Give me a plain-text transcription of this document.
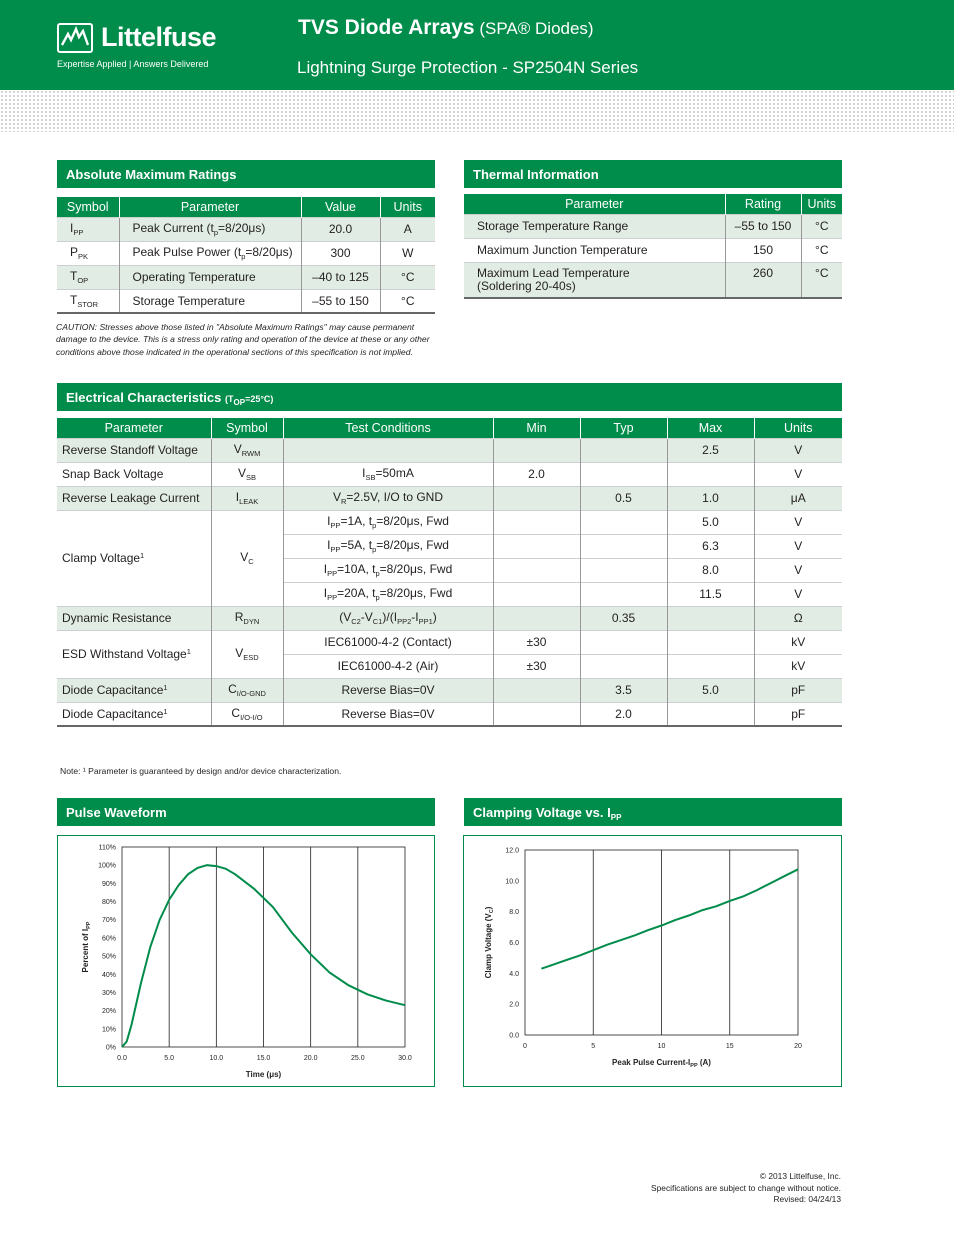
Littelfuse
Expertise Applied | Answers Delivered
TVS Diode Arrays (SPA® Diodes)
Lightning Surge Protection - SP2504N Series
Absolute Maximum Ratings
Symbol	Parameter	Value	Units
$I_{PP}$	Peak Current $(t_p=8/20\mu s)$	20.0	A
$P_{PK}$	Peak Pulse Power $(t_p=8/20\mu s)$	300	W
$T_{OP}$	Operating Temperature	–40 to 125	°C
$T_{STOR}$	Storage Temperature	–55 to 150	°C
CAUTION: Stresses above those listed in "Absolute Maximum Ratings" may cause permanent damage to the device. This is a stress only rating and operation of the device at these or any other conditions above those indicated in the operational sections of this specification is not implied.
Thermal Information
Parameter	Rating	Units
Storage Temperature Range	–55 to 150	°C
Maximum Junction Temperature	150	°C
Maximum Lead Temperature
(Soldering 20-40s)	260	°C
Electrical Characteristics $(T_{OP}=25^\circ C)$
Parameter	Symbol	Test Conditions	Min	Typ	Max	Units
Reverse Standoff Voltage	$V_{RWM}$				2.5	V
Snap Back Voltage	$V_{SB}$	$I_{SB}=50mA$	2.0			V
Reverse Leakage Current	$I_{LEAK}$	$V_R=2.5V$, I/O to GND		0.5	1.0	μA
Clamp Voltage$^1$	$V_C$	$I_{PP}=1A$, $t_p=8/20\mu s$, Fwd			5.0	V
		$I_{PP}=5A$, $t_p=8/20\mu s$, Fwd			6.3	V
		$I_{PP}=10A$, $t_p=8/20\mu s$, Fwd			8.0	V
		$I_{PP}=20A$, $t_p=8/20\mu s$, Fwd			11.5	V
Dynamic Resistance	$R_{DYN}$	$(V_{C2}-V_{C1})/(I_{PP2}-I_{PP1})$		0.35		Ω
ESD Withstand Voltage$^1$	$V_{ESD}$	IEC61000-4-2 (Contact)	±30			kV
		IEC61000-4-2 (Air)	±30			kV
Diode Capacitance$^1$	$C_{I/O-GND}$	Reverse Bias=0V		3.5	5.0	pF
Diode Capacitance$^1$	$C_{I/O-I/O}$	Reverse Bias=0V		2.0		pF
Note: ¹ Parameter is guaranteed by design and/or device characterization.
Pulse Waveform
0.0	5.0	10.0	15.0	20.0	25.0	30.0
0%
10%
20%
30%
40%
50%
60%
70%
80%
90%
100%
110%
Time (μs)
Percent of $I_{PP}$
Clamping Voltage vs. $I_{PP}$
0	5	10	15	20
0.0
2.0
4.0
6.0
8.0
10.0
12.0
Peak Pulse Current-$I_{PP}$ (A)
Clamp Voltage $(V_C)$
© 2013 Littelfuse, Inc.
Specifications are subject to change without notice.
Revised: 04/24/13
